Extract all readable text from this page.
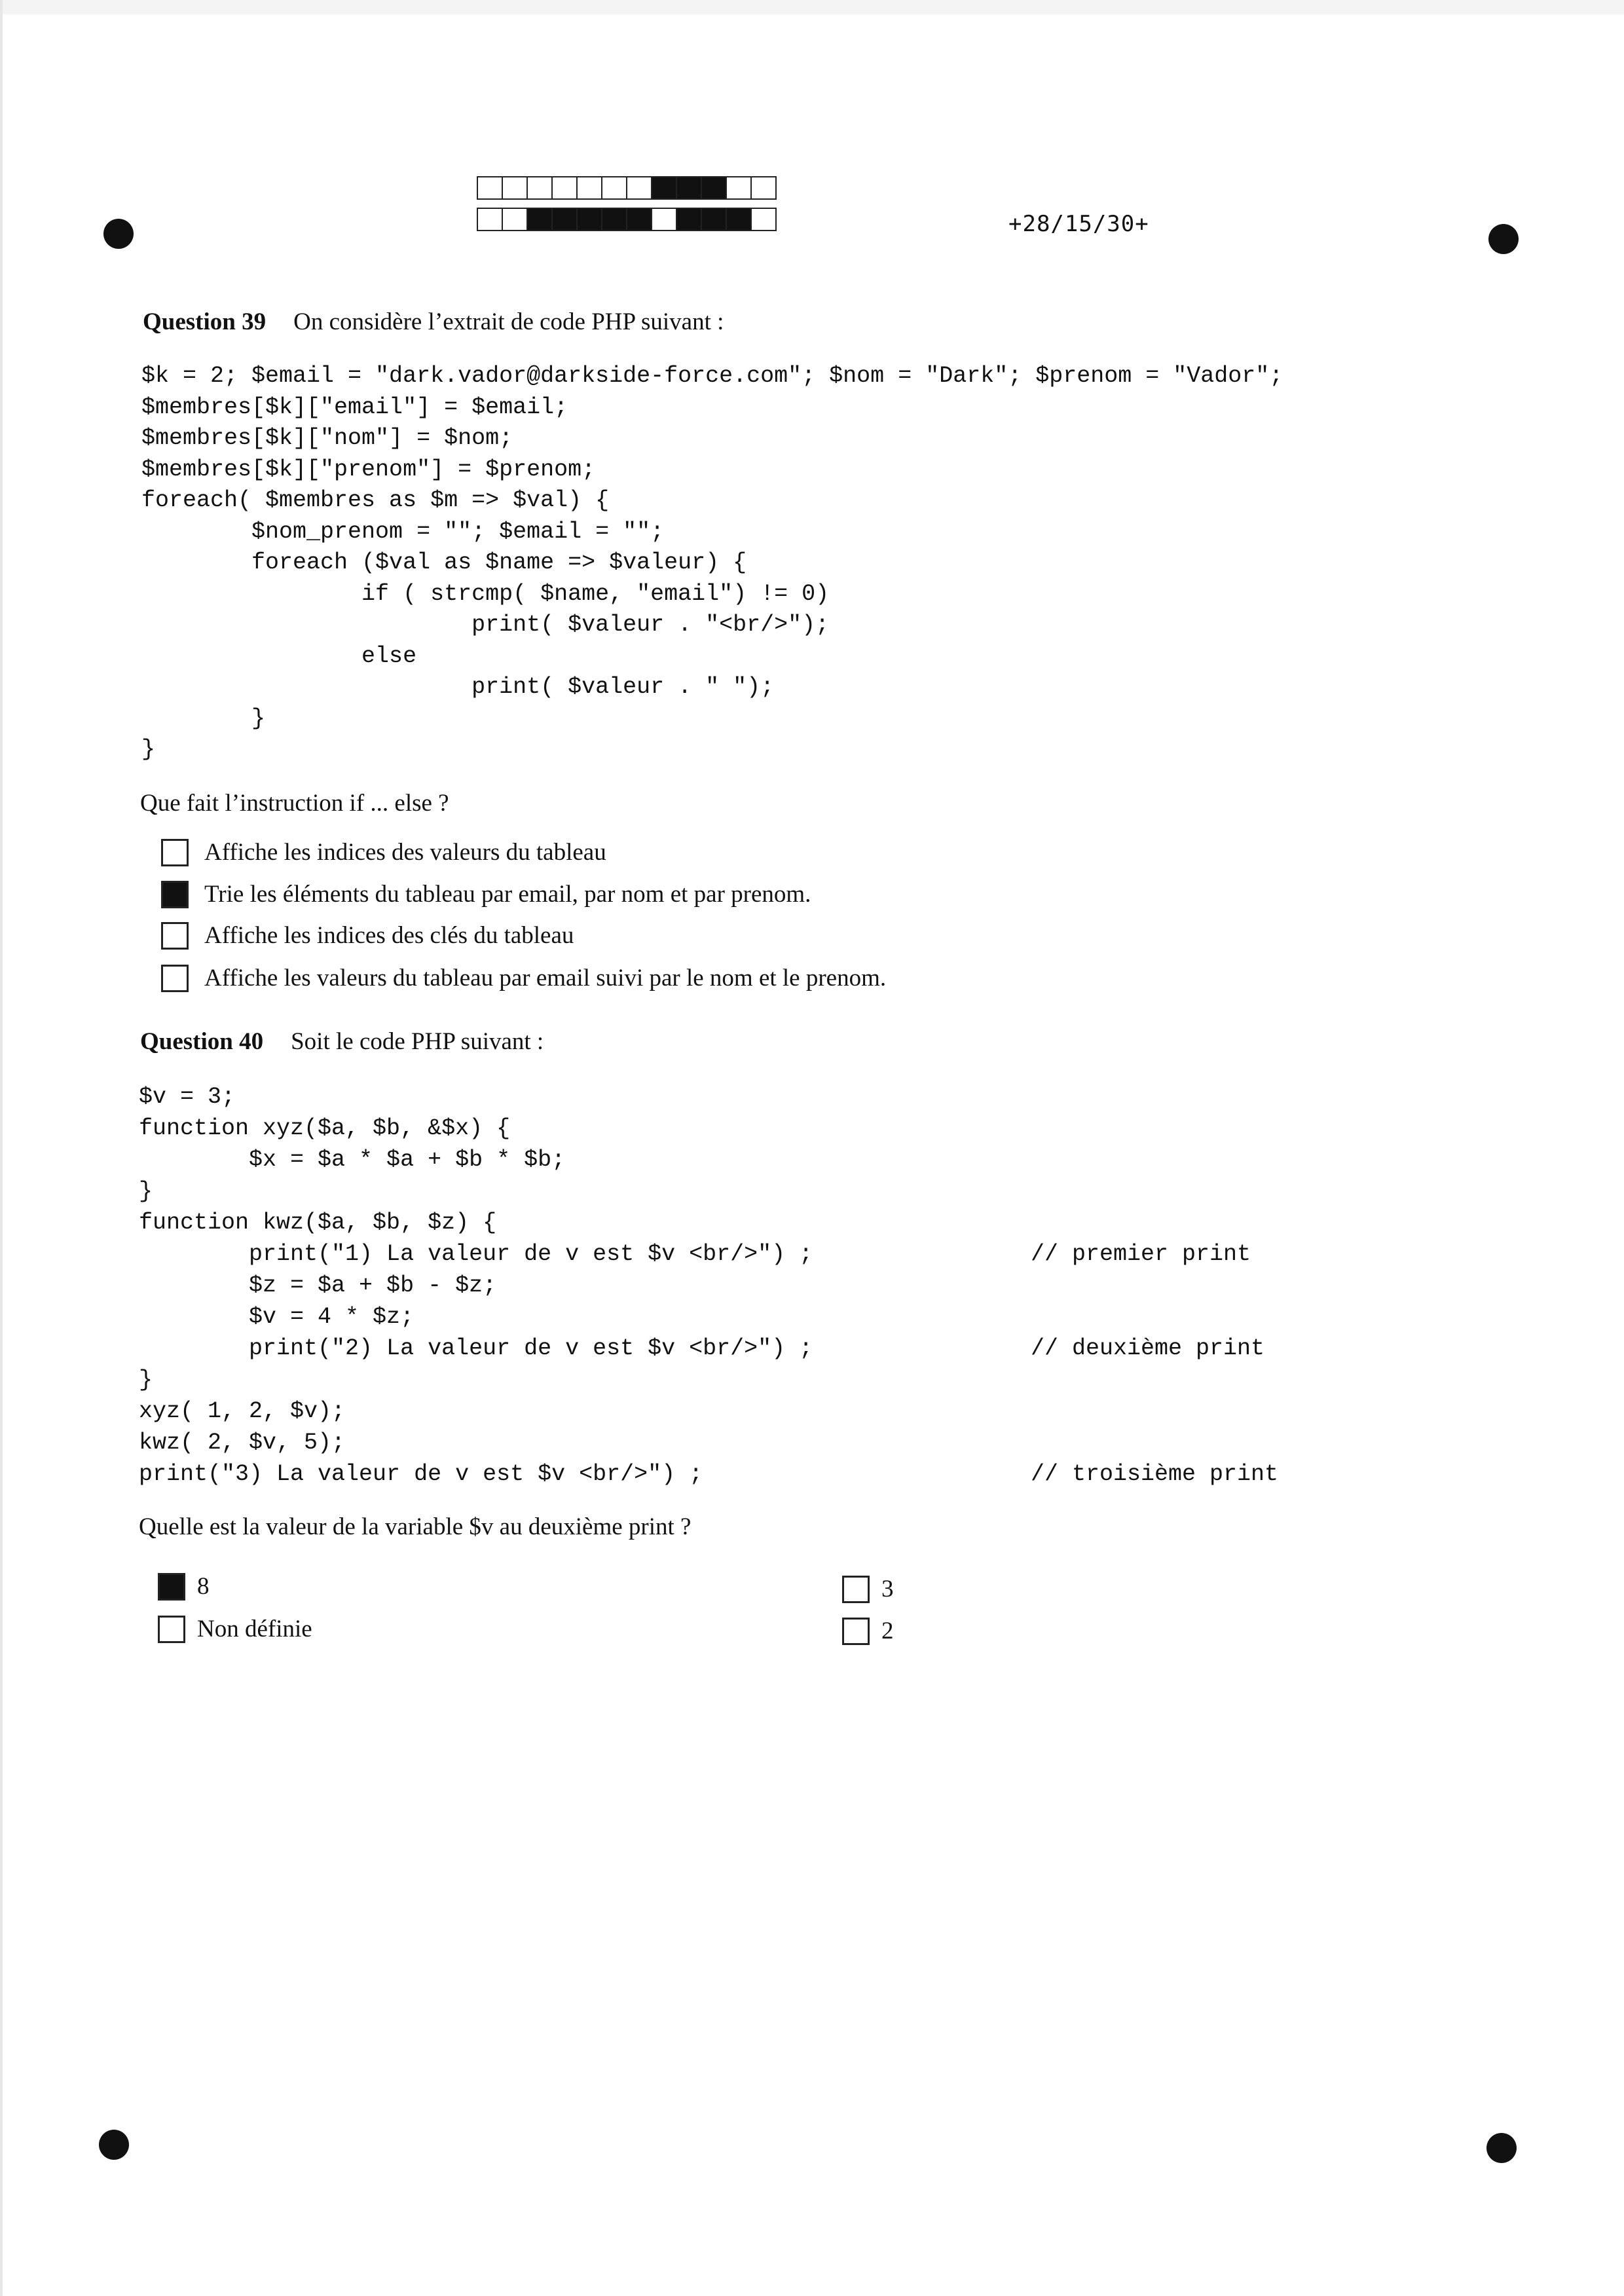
+28/15/30+
Question 39 On considère l’extrait de code PHP suivant :
$k = 2; $email = "dark.vador@darkside-force.com"; $nom = "Dark"; $prenom = "Vador";
$membres[$k]["email"] = $email;
$membres[$k]["nom"] = $nom;
$membres[$k]["prenom"] = $prenom;
foreach( $membres as $m => $val) {
$nom_prenom = ""; $email = "";
foreach ($val as $name => $valeur) {
if ( strcmp( $name, "email") != 0)
print( $valeur . "<br/>");
else
print( $valeur . " ");
}
}
Que fait l’instruction if ... else ?
Affiche les indices des valeurs du tableau
Trie les éléments du tableau par email, par nom et par prenom.
Affiche les indices des clés du tableau
Affiche les valeurs du tableau par email suivi par le nom et le prenom.
Question 40 Soit le code PHP suivant :
$v = 3;
function xyz($a, $b, &$x) {
$x = $a * $a + $b * $b;
}
function kwz($a, $b, $z) {
print("1) La valeur de v est $v <br/>") ;
$z = $a + $b - $z;
$v = 4 * $z;
print("2) La valeur de v est $v <br/>") ;
}
xyz( 1, 2, $v);
kwz( 2, $v, 5);
print("3) La valeur de v est $v <br/>") ;
// premier print
// deuxième print
// troisième print
Quelle est la valeur de la variable $v au deuxième print ?
8
Non définie
3
2
